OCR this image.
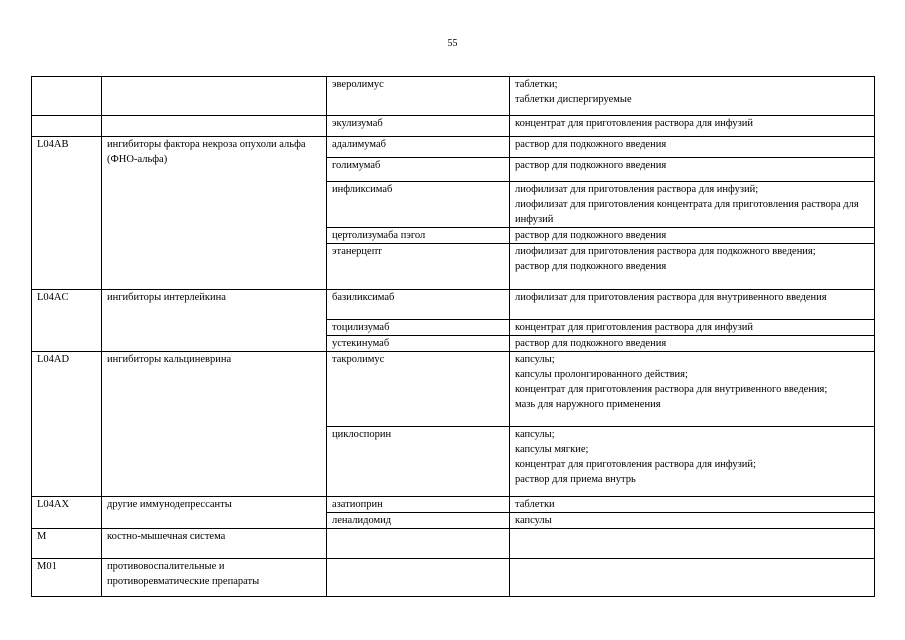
55

		эверолимус	таблетки;
таблетки диспергируемые

		экулизумаб	концентрат для приготовления раствора для инфузий

L04AB	ингибиторы фактора некроза опухоли альфа (ФНО-альфа)	адалимумаб	раствор для подкожного введения

		голимумаб	раствор для подкожного введения

		инфликсимаб	лиофилизат для приготовления раствора для инфузий;
лиофилизат для приготовления концентрата для приготовления раствора для инфузий

		цертолизумаба пэгол	раствор для подкожного введения

		этанерцепт	лиофилизат для приготовления раствора для подкожного введения;
раствор для подкожного введения

L04AC	ингибиторы интерлейкина	базиликсимаб	лиофилизат для приготовления раствора для внутривенного введения

		тоцилизумаб	концентрат для приготовления раствора для инфузий

		устекинумаб	раствор для подкожного введения

L04AD	ингибиторы кальциневрина	такролимус	капсулы;
капсулы пролонгированного действия;
концентрат для приготовления раствора для внутривенного введения;
мазь для наружного применения

		циклоспорин	капсулы;
капсулы мягкие;
концентрат для приготовления раствора для инфузий;
раствор для приема внутрь

L04AX	другие иммунодепрессанты	азатиоприн	таблетки

		леналидомид	капсулы

M	костно-мышечная система		

M01	противовоспалительные и противоревматические препараты		
